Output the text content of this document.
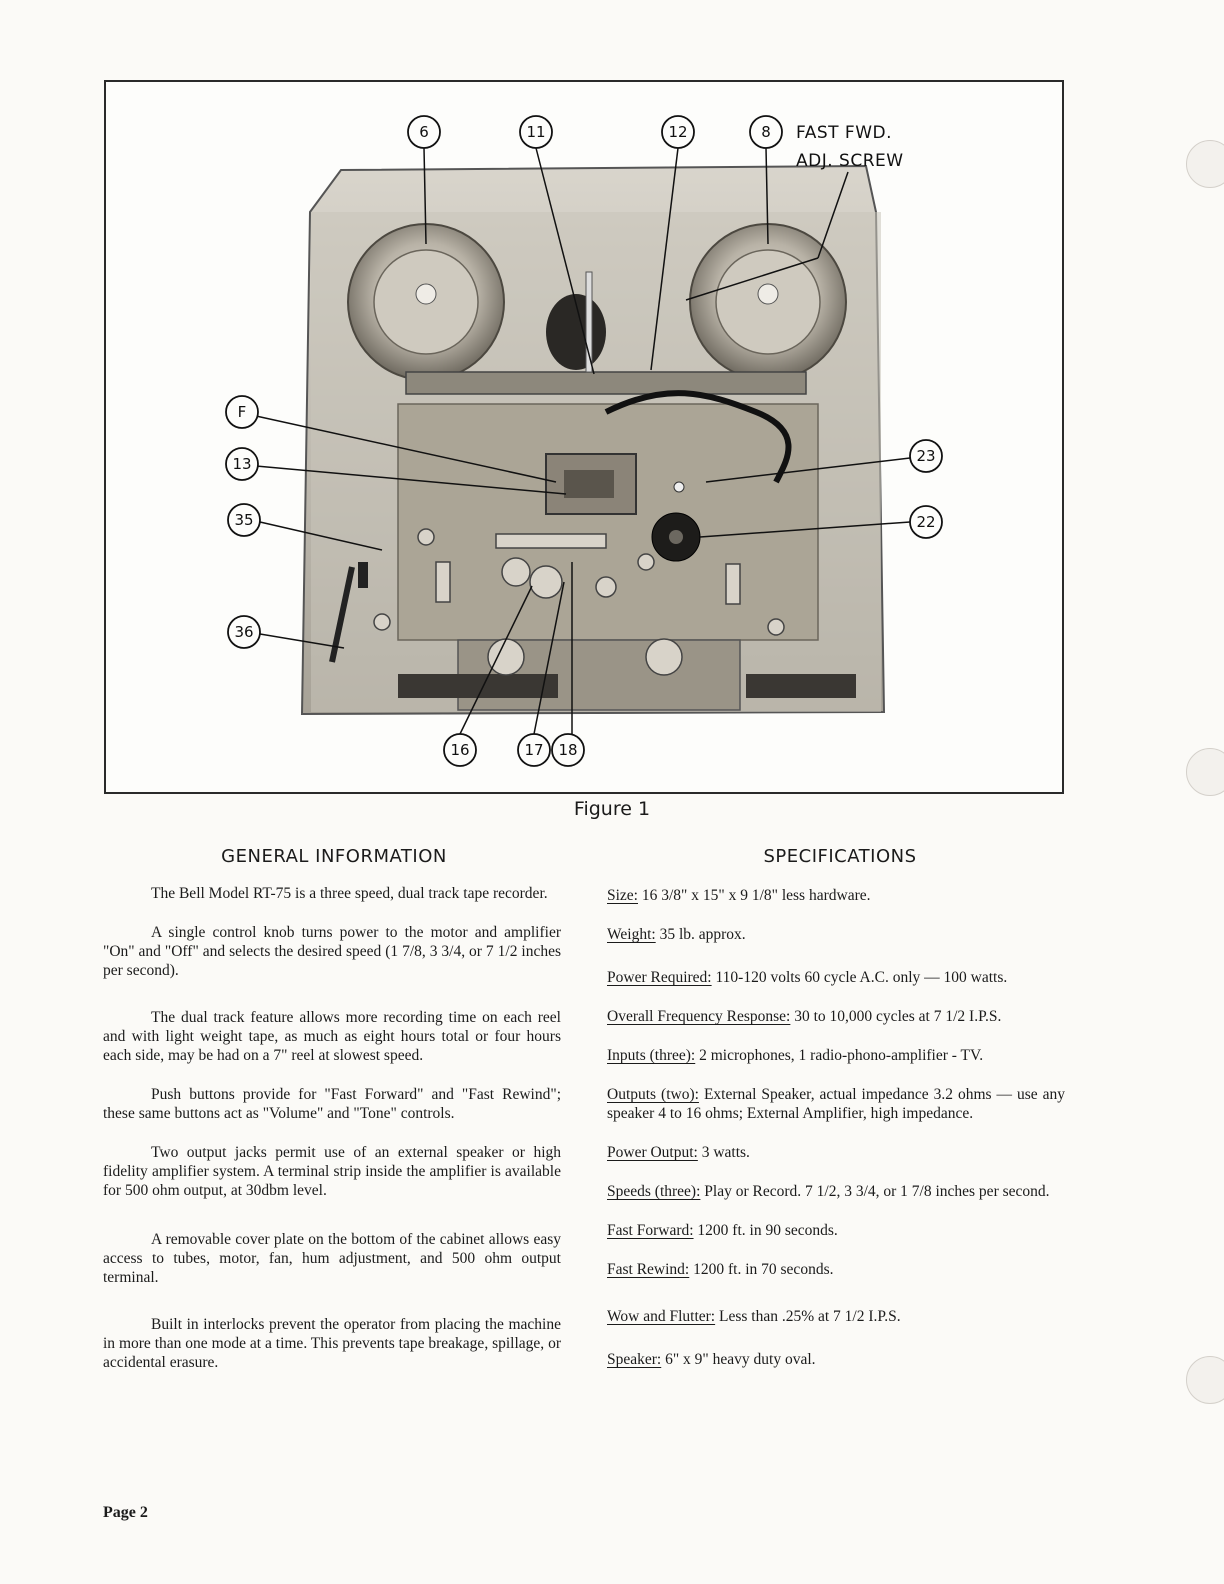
6	11	12	8 FAST FWD.
ADJ. SCREW
F
13
35
36
23
22
16	17 18
Figure 1
GENERAL INFORMATION	SPECIFICATIONS

The Bell Model RT-75 is a three speed, dual track tape recorder.

A single control knob turns power to the motor and amplifier "On" and "Off" and selects the desired speed (1 7/8, 3 3/4, or 7 1/2 inches per second).

The dual track feature allows more recording time on each reel and with light weight tape, as much as eight hours total or four hours each side, may be had on a 7" reel at slowest speed.

Push buttons provide for "Fast Forward" and "Fast Rewind"; these same buttons act as "Volume" and "Tone" controls.

Two output jacks permit use of an external speaker or high fidelity amplifier system. A terminal strip inside the amplifier is available for 500 ohm output, at 30dbm level.

A removable cover plate on the bottom of the cabinet allows easy access to tubes, motor, fan, hum adjustment, and 500 ohm output terminal.

Built in interlocks prevent the operator from placing the machine in more than one mode at a time. This prevents tape breakage, spillage, or accidental erasure.

Size: 16 3/8" x 15" x 9 1/8" less hardware.

Weight: 35 lb. approx.

Power Required: 110-120 volts 60 cycle A.C. only — 100 watts.

Overall Frequency Response: 30 to 10,000 cycles at 7 1/2 I.P.S.

Inputs (three): 2 microphones, 1 radio-phono-amplifier - TV.

Outputs (two): External Speaker, actual impedance 3.2 ohms — use any speaker 4 to 16 ohms; External Amplifier, high impedance.

Power Output: 3 watts.

Speeds (three): Play or Record. 7 1/2, 3 3/4, or 1 7/8 inches per second.

Fast Forward: 1200 ft. in 90 seconds.

Fast Rewind: 1200 ft. in 70 seconds.

Wow and Flutter: Less than .25% at 7 1/2 I.P.S.

Speaker: 6" x 9" heavy duty oval.

Page 2
